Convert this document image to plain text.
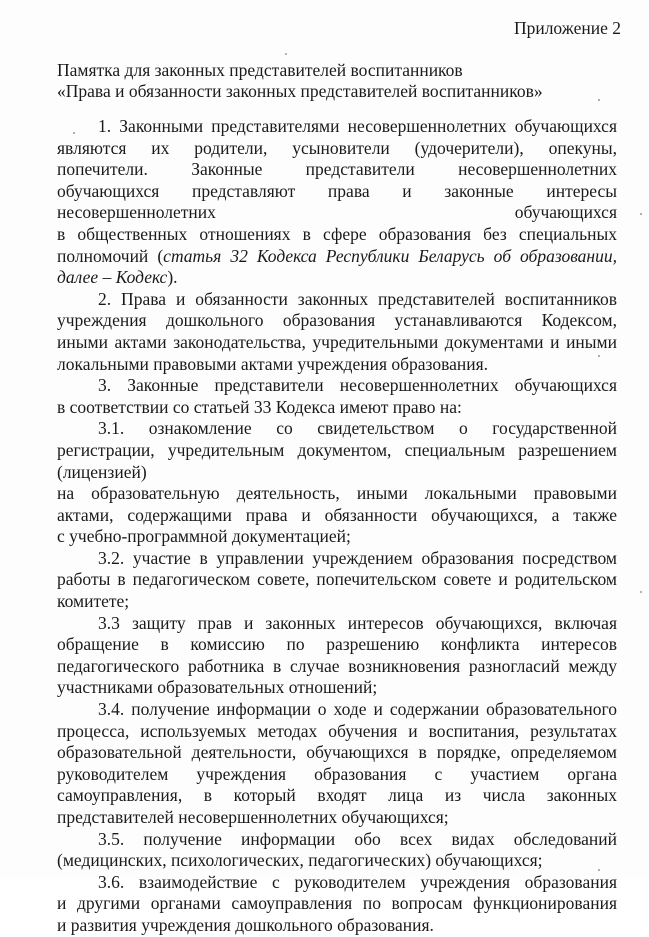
Приложение 2
Памятка для законных представителей воспитанников
«Права и обязанности законных представителей воспитанников»
1. Законными представителями несовершеннолетних обучающихся
являются их родители, усыновители (удочерители), опекуны,
попечители. Законные представители несовершеннолетних
обучающихся представляют права и законные интересы
несовершеннолетних обучающихся
в общественных отношениях в сфере образования без специальных
полномочий (статья 32 Кодекса Республики Беларусь об образовании,
далее – Кодекс).
2. Права и обязанности законных представителей воспитанников
учреждения дошкольного образования устанавливаются Кодексом,
иными актами законодательства, учредительными документами и иными
локальными правовыми актами учреждения образования.
3. Законные представители несовершеннолетних обучающихся
в соответствии со статьей 33 Кодекса имеют право на:
3.1. ознакомление со свидетельством о государственной
регистрации, учредительным документом, специальным разрешением
(лицензией)
на образовательную деятельность, иными локальными правовыми
актами, содержащими права и обязанности обучающихся, а также
с учебно-программной документацией;
3.2. участие в управлении учреждением образования посредством
работы в педагогическом совете, попечительском совете и родительском
комитете;
3.3 защиту прав и законных интересов обучающихся, включая
обращение в комиссию по разрешению конфликта интересов
педагогического работника в случае возникновения разногласий между
участниками образовательных отношений;
3.4. получение информации о ходе и содержании образовательного
процесса, используемых методах обучения и воспитания, результатах
образовательной деятельности, обучающихся в порядке, определяемом
руководителем учреждения образования с участием органа
самоуправления, в который входят лица из числа законных
представителей несовершеннолетних обучающихся;
3.5. получение информации обо всех видах обследований
(медицинских, психологических, педагогических) обучающихся;
3.6. взаимодействие с руководителем учреждения образования
и другими органами самоуправления по вопросам функционирования
и развития учреждения дошкольного образования.
